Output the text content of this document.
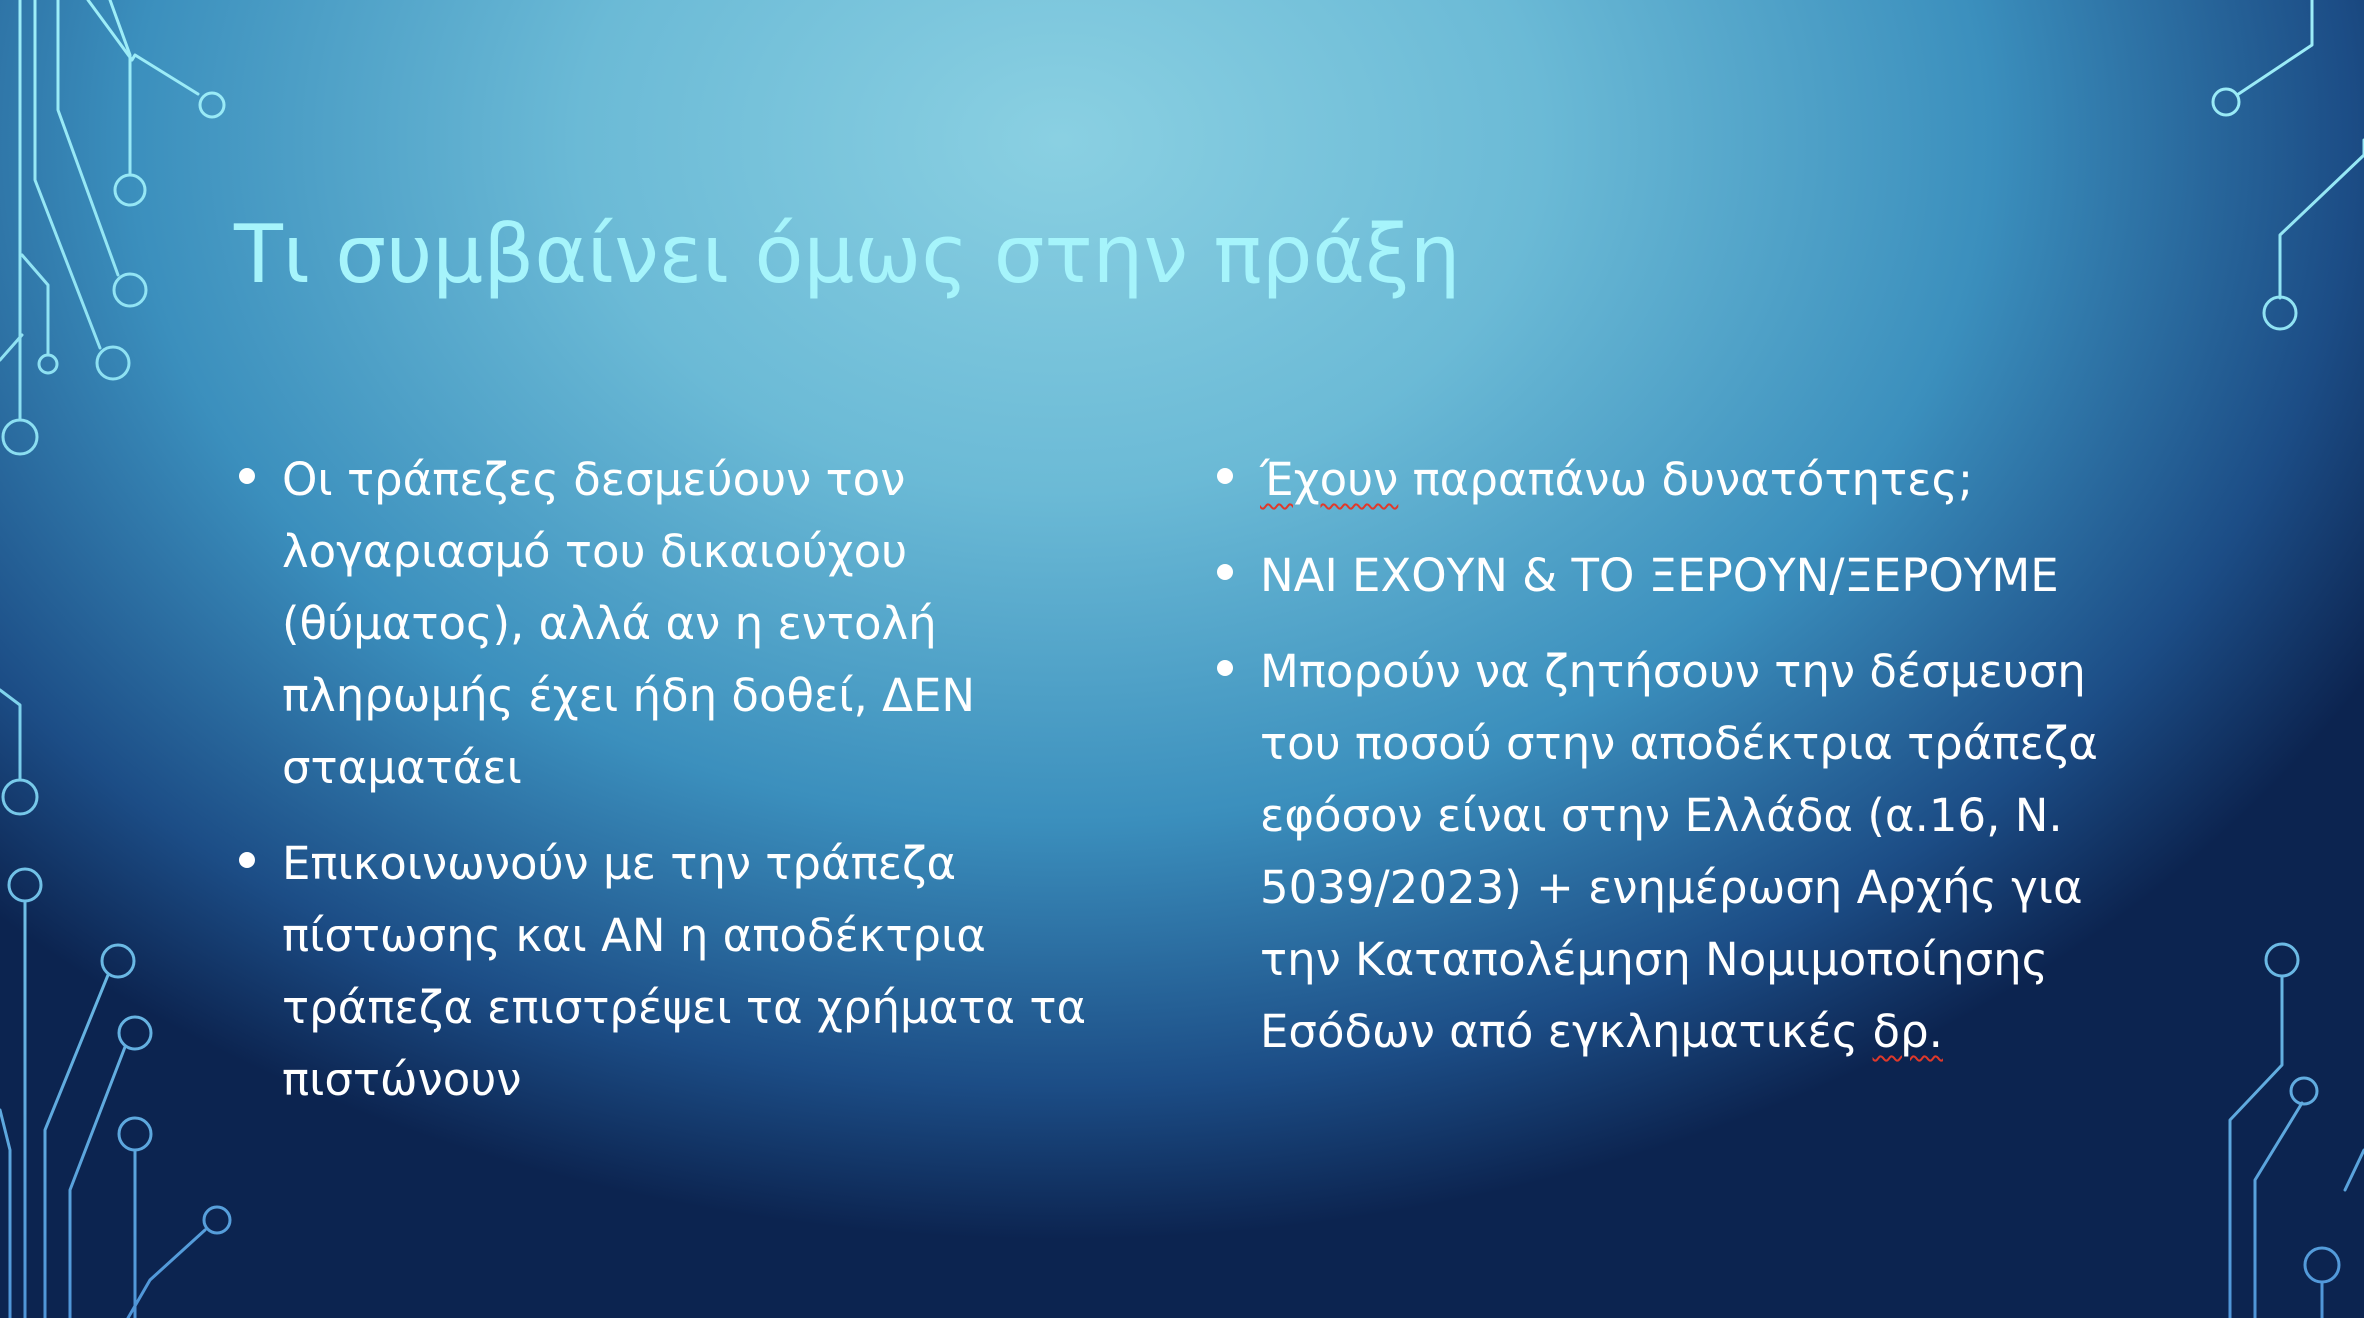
Τι συμβαίνει όμως στην πράξη
Οι τράπεζες δεσμεύουν τον λογαριασμό του δικαιούχου (θύματος), αλλά αν η εντολή πληρωμής έχει ήδη δοθεί, ΔΕΝ σταματάει
Επικοινωνούν με την τράπεζα πίστωσης και ΑΝ η αποδέκτρια τράπεζα επιστρέψει τα χρήματα τα πιστώνουν
Έχουν παραπάνω δυνατότητες;
ΝΑΙ ΕΧΟΥΝ & ΤΟ ΞΕΡΟΥΝ/ΞΕΡΟΥΜΕ
Μπορούν να ζητήσουν την δέσμευση του ποσού στην αποδέκτρια τράπεζα εφόσον είναι στην Ελλάδα (α.16, Ν. 5039/2023) + ενημέρωση Αρχής για την Καταπολέμηση Νομιμοποίησης Εσόδων από εγκληματικές δρ.
